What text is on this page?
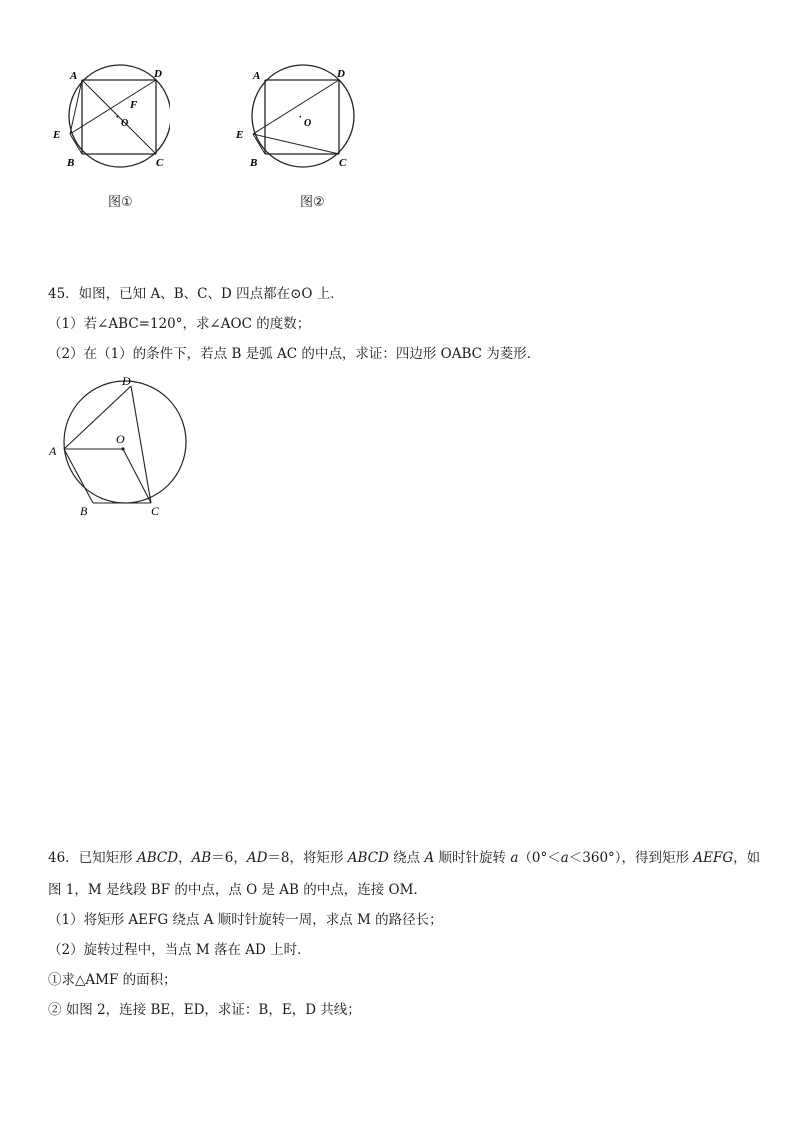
A	D
E
B	C
F
·
O
图①
A	D
E
B	C
·
O
图②
45．如图，已知 A、B、C、D 四点都在⊙O 上．
（1）若∠ABC=120°，求∠AOC 的度数；
（2）在（1）的条件下，若点 B 是弧 AC 的中点，求证：四边形 OABC 为菱形．
D
O
A
B	C
46．已知矩形 ABCD，AB＝6，AD＝8，将矩形 ABCD 绕点 A 顺时针旋转 a（0°＜a＜360°），得到矩形 AEFG，如
图 1，M 是线段 BF 的中点，点 O 是 AB 的中点，连接 OM．
（1）将矩形 AEFG 绕点 A 顺时针旋转一周，求点 M 的路径长；
（2）旋转过程中，当点 M 落在 AD 上时．
①求△AMF 的面积；
② 如图 2，连接 BE，ED，求证：B，E，D 共线；
